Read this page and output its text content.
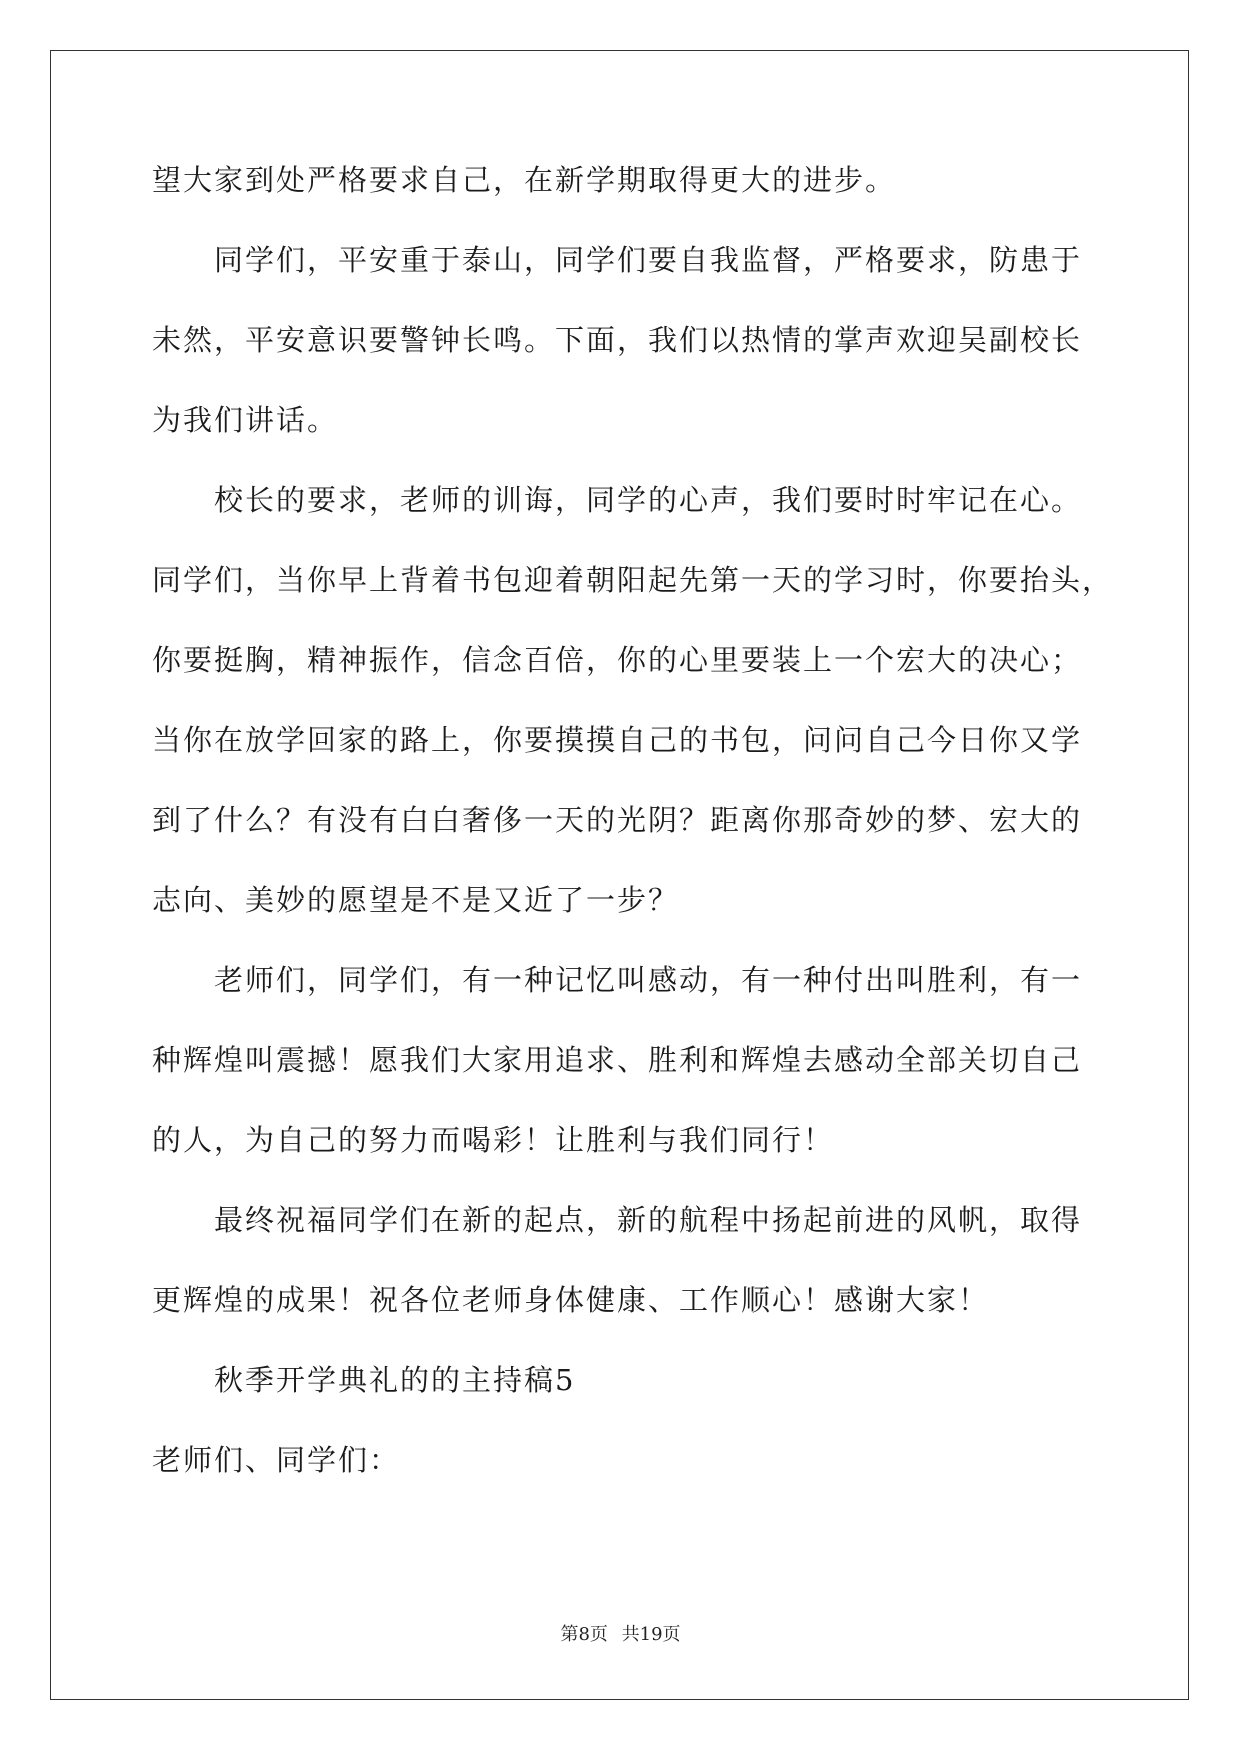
望大家到处严格要求自己，在新学期取得更大的进步。
同学们，平安重于泰山，同学们要自我监督，严格要求，防患于
未然，平安意识要警钟长鸣。下面，我们以热情的掌声欢迎吴副校长
为我们讲话。
校长的要求，老师的训诲，同学的心声，我们要时时牢记在心。
同学们，当你早上背着书包迎着朝阳起先第一天的学习时，你要抬头，
你要挺胸，精神振作，信念百倍，你的心里要装上一个宏大的决心；
当你在放学回家的路上，你要摸摸自己的书包，问问自己今日你又学
到了什么？有没有白白奢侈一天的光阴？距离你那奇妙的梦、宏大的
志向、美妙的愿望是不是又近了一步？
老师们，同学们，有一种记忆叫感动，有一种付出叫胜利，有一
种辉煌叫震撼！愿我们大家用追求、胜利和辉煌去感动全部关切自己
的人，为自己的努力而喝彩！让胜利与我们同行！
最终祝福同学们在新的起点，新的航程中扬起前进的风帆，取得
更辉煌的成果！祝各位老师身体健康、工作顺心！感谢大家！
秋季开学典礼的的主持稿5
老师们、同学们：
第8页 共19页
